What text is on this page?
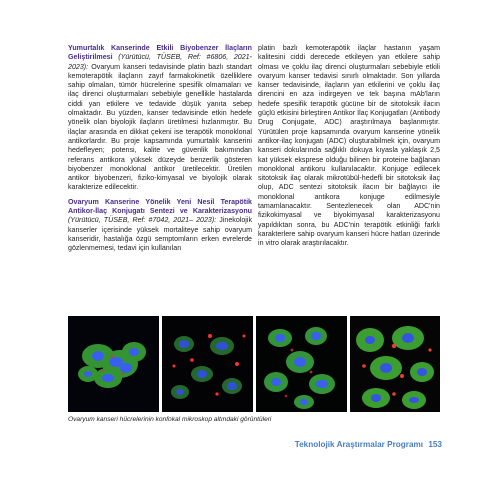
Yumurtalık Kanserinde Etkili Biyobenzer İlaçların Geliştirilmesi (Yürütücü, TÜSEB, Ref: #6806, 2021-2023): Ovaryum kanseri tedavisinde platin bazlı standart kemoterapötik ilaçların zayıf farmakokinetik özelliklere sahip olmaları, tümör hücrelerine spesifik olmamaları ve ilaç direnci oluşturmaları sebebiyle genellikle hastalarda ciddi yan etkilere ve tedavide düşük yanıta sebep olmaktadır. Bu yüzden, kanser tedavisinde etkin hedefe yönelik olan biyolojik ilaçların üretilmesi hızlanmıştır. Bu ilaçlar arasında en dikkat çekeni ise terapötik monoklonal antikorlardır. Bu proje kapsamında yumurtalık kanserini hedefleyen; potensi, kalite ve güvenlik bakımından referans antikora yüksek düzeyde benzerlik gösteren biyobenzer monoklonal antikor üretilecektir. Üretilen antikor biyobenzeri, fiziko-kimyasal ve biyolojik olarak karakterize edilecektir.

Ovaryum Kanserine Yönelik Yeni Nesil Terapötik Antikor-İlaç Konjugatı Sentezi ve Karakterizasyonu (Yürütücü, TÜSEB, Ref: #7042, 2021– 2023): Jinekolojik kanserler içerisinde yüksek mortaliteye sahip ovaryum kanseridir, hastalığa özgü semptomların erken evrelerde gözlenmemesi, tedavi için kullanılan

platin bazlı kemoterapötik ilaçlar hastanın yaşam kalitesini ciddi derecede etkileyen yan etkilere sahip olması ve çoklu ilaç direnci oluşturmaları sebebiyle etkili ovaryum kanser tedavisi sınırlı olmaktadır. Son yıllarda kanser tedavisinde, ilaçların yan etkilerini ve çoklu ilaç direncini en aza indirgeyen ve tek başına mAb'ların hedefe spesifik terapötik gücüne bir de sitotoksik ilacın güçlü etkisini birleştiren Antikor İlaç Konjugatları (Antibody Drug Conjugate, ADC) araştırılmaya başlanmıştır. Yürütülen proje kapsamında ovaryum kanserine yönelik antikor-ilaç konjugatı (ADC) oluşturabilmek için, ovaryum kanseri dokularında sağlıklı dokuya kıyasla yaklaşık 2,5 kat yüksek eksprese olduğu bilinen bir proteine bağlanan monoklonal antikoru kullanılacaktır. Konjuge edilecek sitotoksik ilaç olarak mikrotübül-hedefli bir sitotoksik ilaç olup, ADC sentezi sitotoksik ilacın bir bağlayıcı ile monoklonal antikora konjuge edilmesiyle tamamlanacaktır. Sentezlenecek olan ADC'nin fizikokimyasal ve biyokimyasal karakterizasyonu yapıldıktan sonra, bu ADC'nin terapötik etkinliği farklı karakterlere sahip ovaryum kanseri hücre hatları üzerinde in vitro olarak araştırılacaktır.

Ovaryum kanseri hücrelerinin konfokal mikroskop altındaki görüntüleri
Teknolojik Araştırmalar Programı 153
